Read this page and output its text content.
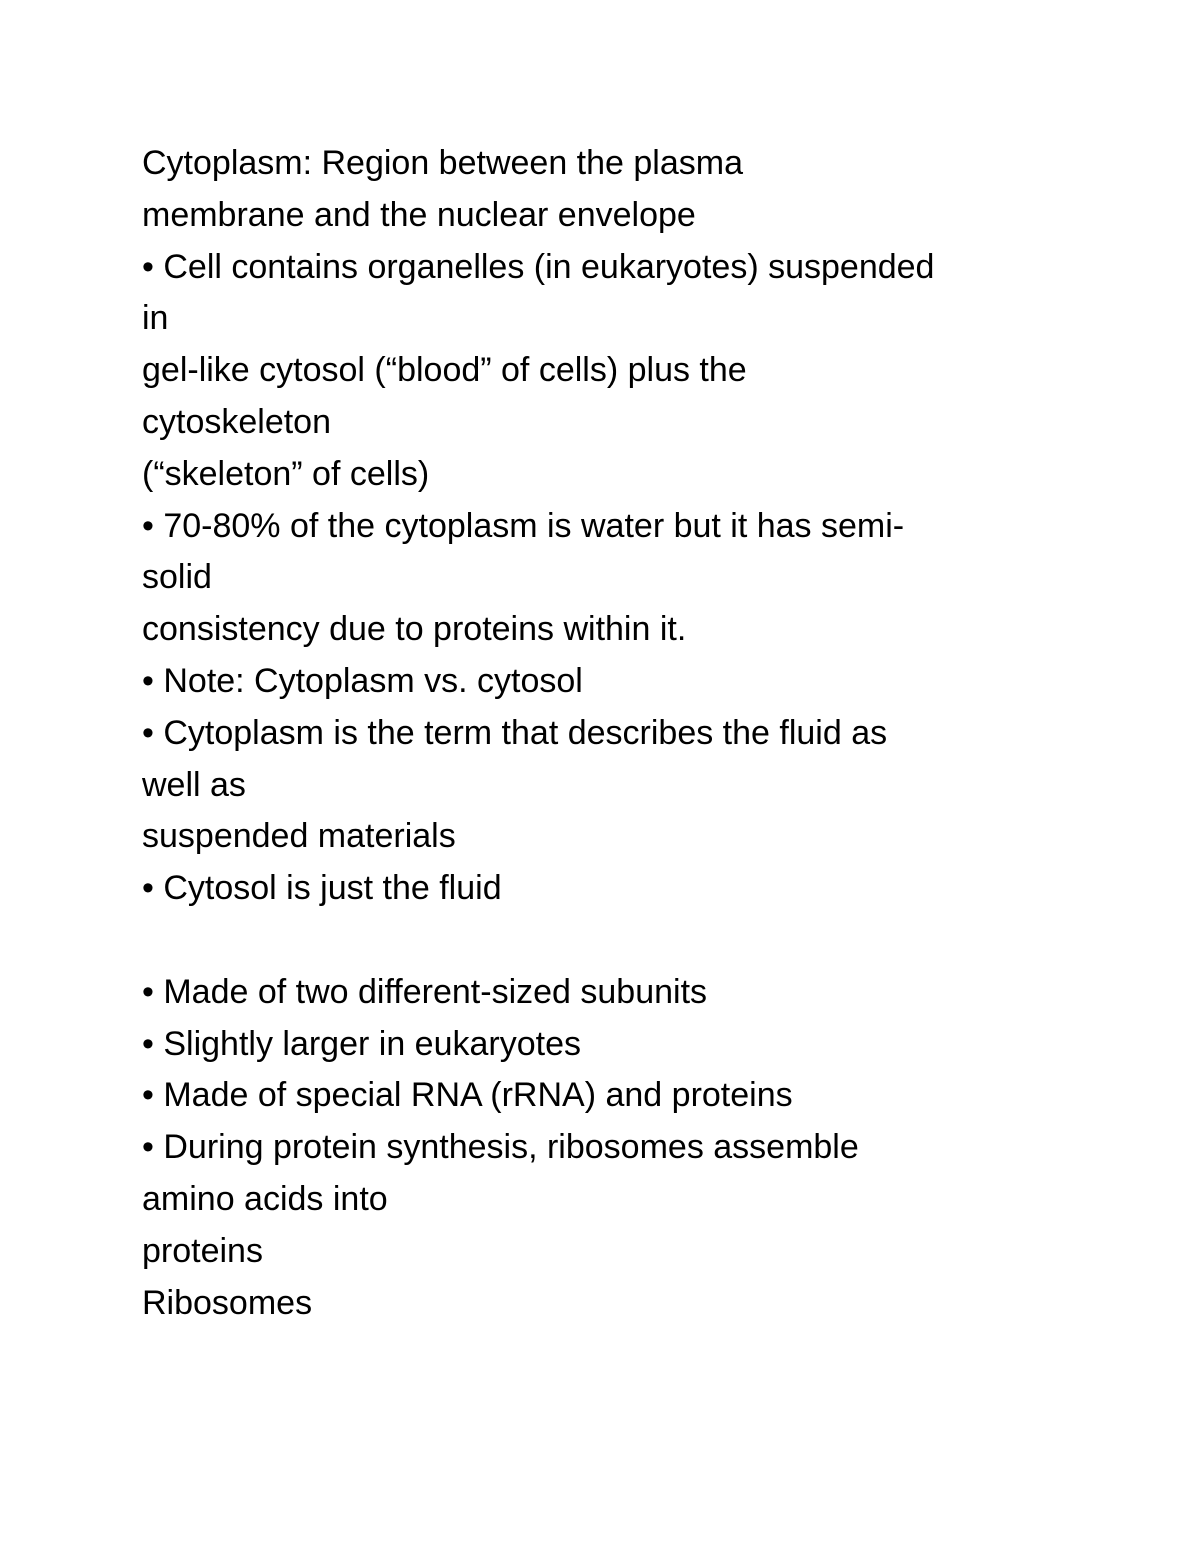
Cytoplasm: Region between the plasma
membrane and the nuclear envelope
• Cell contains organelles (in eukaryotes) suspended
in
gel-like cytosol (“blood” of cells) plus the
cytoskeleton
(“skeleton” of cells)
• 70-80% of the cytoplasm is water but it has semi-
solid
consistency due to proteins within it.
• Note: Cytoplasm vs. cytosol
• Cytoplasm is the term that describes the fluid as
well as
suspended materials
• Cytosol is just the fluid
• Made of two different-sized subunits
• Slightly larger in eukaryotes
• Made of special RNA (rRNA) and proteins
• During protein synthesis, ribosomes assemble
amino acids into
proteins
Ribosomes
